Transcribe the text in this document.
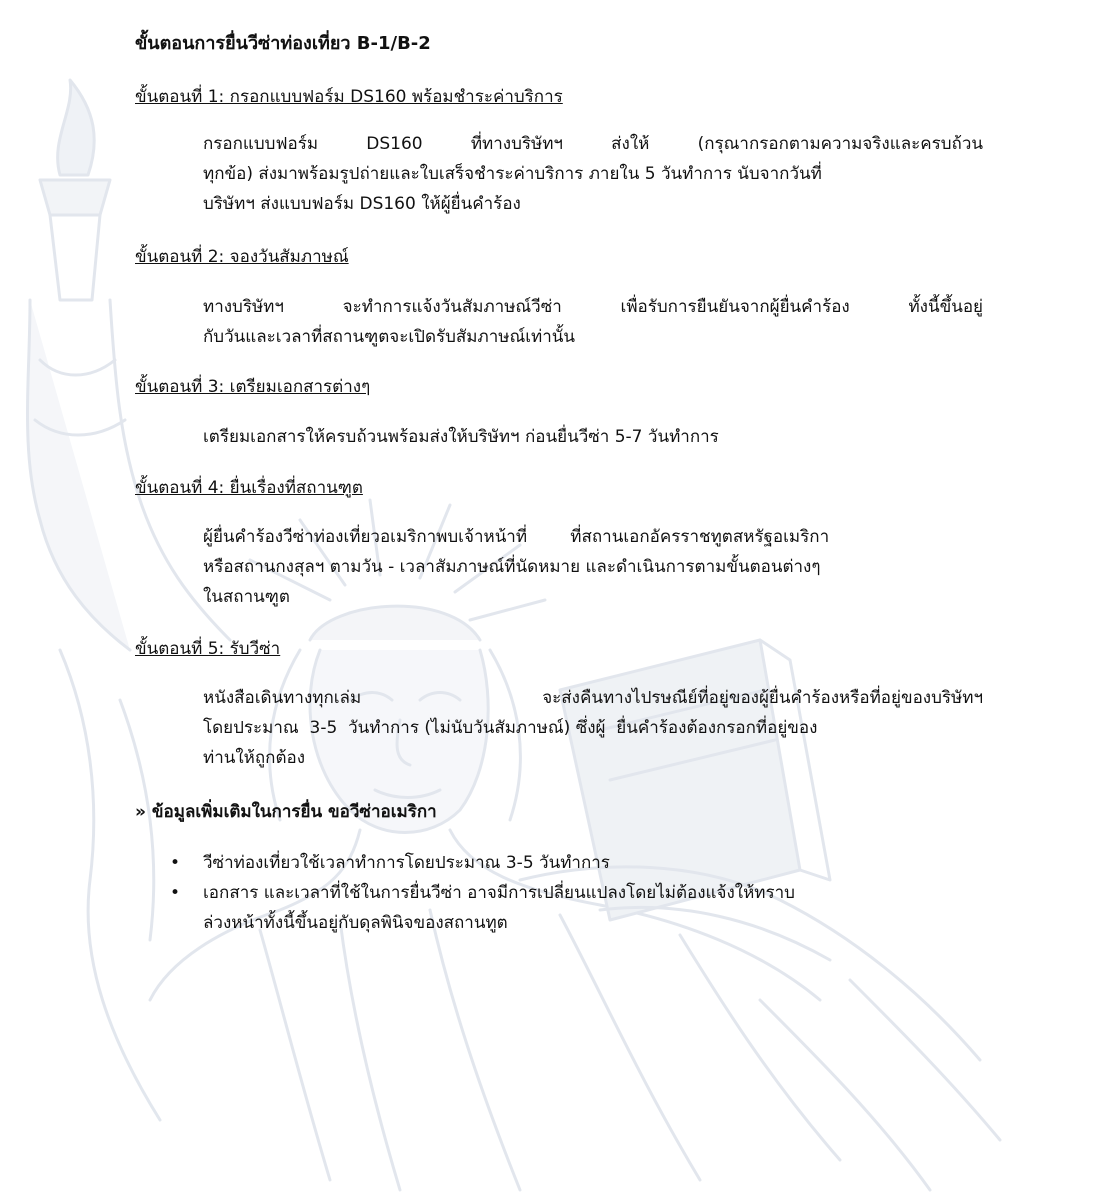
ขั้นตอนการยื่นวีซ่าท่องเที่ยว B-1/B-2
ขั้นตอนที่ 1: กรอกแบบฟอร์ม DS160 พร้อมชำระค่าบริการ
กรอกแบบฟอร์ม DS160 ที่ทางบริษัทฯ ส่งให้ (กรุณากรอกตามความจริงและครบถ้วน
ทุกข้อ) ส่งมาพร้อมรูปถ่ายและใบเสร็จชำระค่าบริการ ภายใน 5 วันทำการ นับจากวันที่
บริษัทฯ ส่งแบบฟอร์ม DS160 ให้ผู้ยื่นคำร้อง
ขั้นตอนที่ 2: จองวันสัมภาษณ์
ทางบริษัทฯ จะทำการแจ้งวันสัมภาษณ์วีซ่า เพื่อรับการยืนยันจากผู้ยื่นคำร้อง ทั้งนี้ขึ้นอยู่
กับวันและเวลาที่สถานฑูตจะเปิดรับสัมภาษณ์เท่านั้น
ขั้นตอนที่ 3: เตรียมเอกสารต่างๆ
เตรียมเอกสารให้ครบถ้วนพร้อมส่งให้บริษัทฯ ก่อนยื่นวีซ่า 5-7 วันทำการ
ขั้นตอนที่ 4: ยื่นเรื่องที่สถานฑูต
ผู้ยื่นคำร้องวีซ่าท่องเที่ยวอเมริกาพบเจ้าหน้าที่        ที่สถานเอกอัครราชทูตสหรัฐอเมริกา
หรือสถานกงสุลฯ ตามวัน - เวลาสัมภาษณ์ที่นัดหมาย และดำเนินการตามขั้นตอนต่างๆ
ในสถานฑูต
ขั้นตอนที่ 5: รับวีซ่า
หนังสือเดินทางทุกเล่ม จะส่งคืนทางไปรษณีย์ที่อยู่ของผู้ยื่นคำร้องหรือที่อยู่ของบริษัทฯ
โดยประมาณ  3-5  วันทำการ (ไม่นับวันสัมภาษณ์) ซึ่งผู้  ยื่นคำร้องต้องกรอกที่อยู่ของ
ท่านให้ถูกต้อง
» ข้อมูลเพิ่มเติมในการยื่น ขอวีซ่าอเมริกา
• วีซ่าท่องเที่ยวใช้เวลาทำการโดยประมาณ 3-5 วันทำการ
• เอกสาร และเวลาที่ใช้ในการยื่นวีซ่า อาจมีการเปลี่ยนแปลงโดยไม่ต้องแจ้งให้ทราบ
ล่วงหน้าทั้งนี้ขึ้นอยู่กับดุลพินิจของสถานทูต
